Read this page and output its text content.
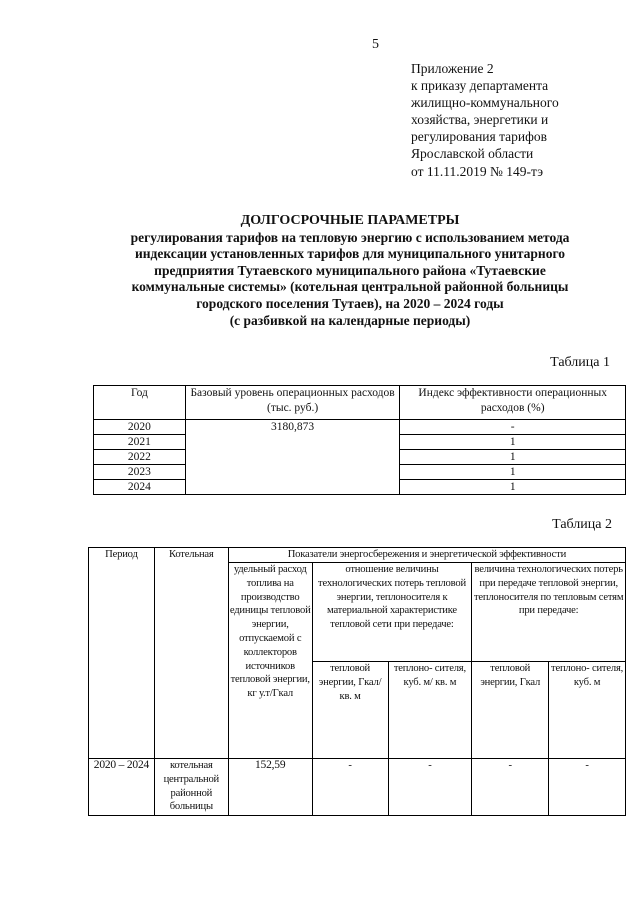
5
Приложение 2
к приказу департамента
жилищно-коммунального
хозяйства, энергетики и
регулирования тарифов
Ярославской области
от 11.11.2019 № 149-тэ
ДОЛГОСРОЧНЫЕ ПАРАМЕТРЫ
регулирования тарифов на тепловую энергию с использованием метода
индексации установленных тарифов для муниципального унитарного
предприятия Тутаевского муниципального района «Тутаевские
коммунальные системы» (котельная центральной районной больницы
городского поселения Тутаев), на 2020 – 2024 годы
(с разбивкой на календарные периоды)
Таблица 1
Год	Базовый уровень операционных расходов (тыс. руб.)	Индекс эффективности операционных расходов (%)
2020	3180,873	-
2021		1
2022		1
2023		1
2024		1
Таблица 2
Период	Котельная	Показатели энергосбережения и энергетической эффективности				
		удельный расход топлива на производство единицы тепловой энергии, отпускаемой с коллекторов источников тепловой энергии, кг у.т/Гкал	отношение величины технологических потерь тепловой энергии, теплоносителя к материальной характеристике тепловой сети при передаче:		величина технологических потерь при передаче тепловой энергии, теплоносителя по тепловым сетям при передаче:	
			тепловой энергии, Гкал/ кв. м	теплоно- сителя, куб. м/ кв. м	тепловой энергии, Гкал	теплоно- сителя, куб. м
2020 – 2024	котельная центральной районной больницы	152,59	-	-	-	-
